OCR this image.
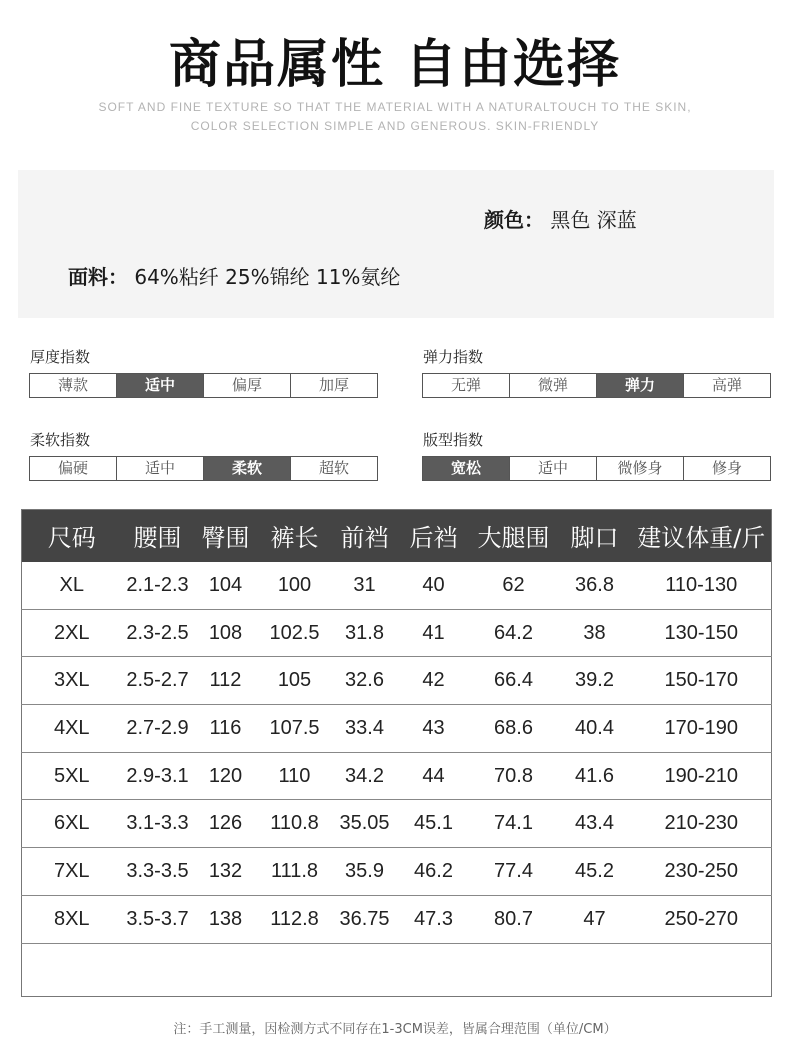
商品属性 自由选择
SOFT AND FINE TEXTURE SO THAT THE MATERIAL WITH A NATURALTOUCH TO THE SKIN,
COLOR SELECTION SIMPLE AND GENEROUS. SKIN-FRIENDLY
颜色： 黑色 深蓝
面料： 64%粘纤 25%锦纶 11%氨纶
厚度指数
薄款	适中	偏厚	加厚
弹力指数
无弹	微弹	弹力	高弹
柔软指数
偏硬	适中	柔软	超软
版型指数
宽松	适中	微修身	修身
尺码	腰围	臀围	裤长	前裆	后裆	大腿围	脚口	建议体重/斤
XL	2.1-2.3	104	100	31	40	62	36.8	110-130
2XL	2.3-2.5	108	102.5	31.8	41	64.2	38	130-150
3XL	2.5-2.7	112	105	32.6	42	66.4	39.2	150-170
4XL	2.7-2.9	116	107.5	33.4	43	68.6	40.4	170-190
5XL	2.9-3.1	120	110	34.2	44	70.8	41.6	190-210
6XL	3.1-3.3	126	110.8	35.05	45.1	74.1	43.4	210-230
7XL	3.3-3.5	132	111.8	35.9	46.2	77.4	45.2	230-250
8XL	3.5-3.7	138	112.8	36.75	47.3	80.7	47	250-270

注：手工测量，因检测方式不同存在1-3CM误差，皆属合理范围（单位/CM）
